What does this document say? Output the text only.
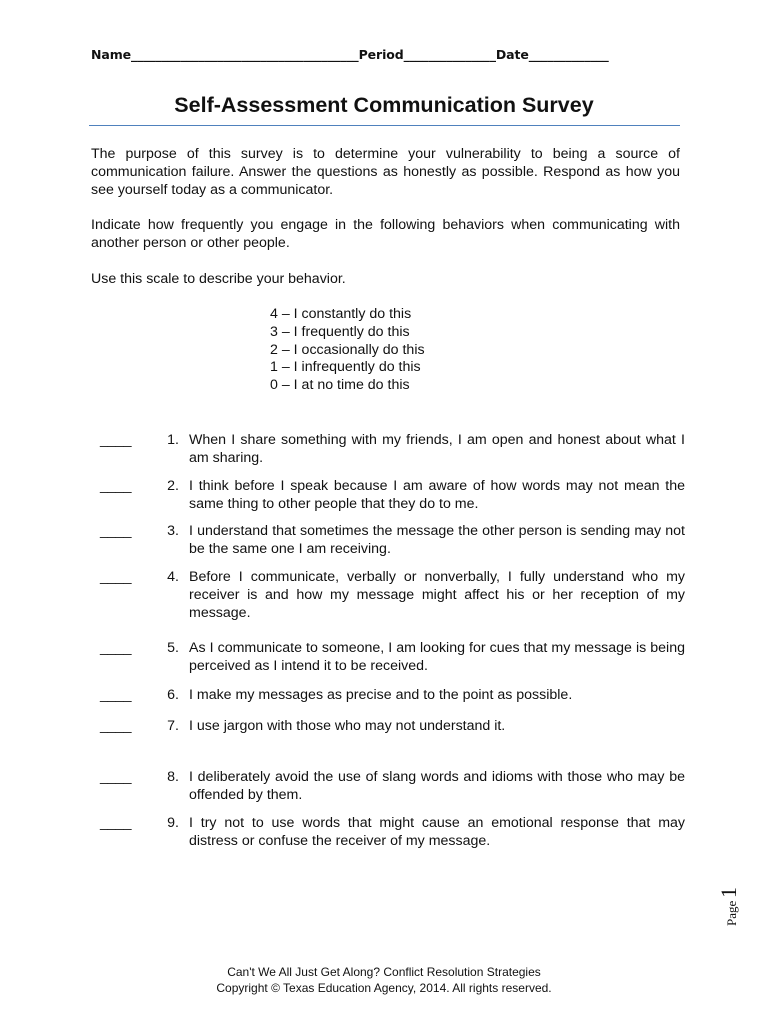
Name_____________________________________Period_______________Date_____________
Self-Assessment Communication Survey
The purpose of this survey is to determine your vulnerability to being a source of communication failure. Answer the questions as honestly as possible. Respond as how you see yourself today as a communicator.
Indicate how frequently you engage in the following behaviors when communicating with another person or other people.
Use this scale to describe your behavior.
4 – I constantly do this
3 – I frequently do this
2 – I occasionally do this
1 – I infrequently do this
0 – I at no time do this
____	1. When I share something with my friends, I am open and honest about what I am sharing.
____	2. I think before I speak because I am aware of how words may not mean the same thing to other people that they do to me.
____	3. I understand that sometimes the message the other person is sending may not be the same one I am receiving.
____	4. Before I communicate, verbally or nonverbally, I fully understand who my receiver is and how my message might affect his or her reception of my message.
____	5. As I communicate to someone, I am looking for cues that my message is being perceived as I intend it to be received.
____	6. I make my messages as precise and to the point as possible.
____	7. I use jargon with those who may not understand it.
____	8. I deliberately avoid the use of slang words and idioms with those who may be offended by them.
____	9. I try not to use words that might cause an emotional response that may distress or confuse the receiver of my message.
Page
1
Can't We All Just Get Along? Conflict Resolution Strategies
Copyright © Texas Education Agency, 2014. All rights reserved.
